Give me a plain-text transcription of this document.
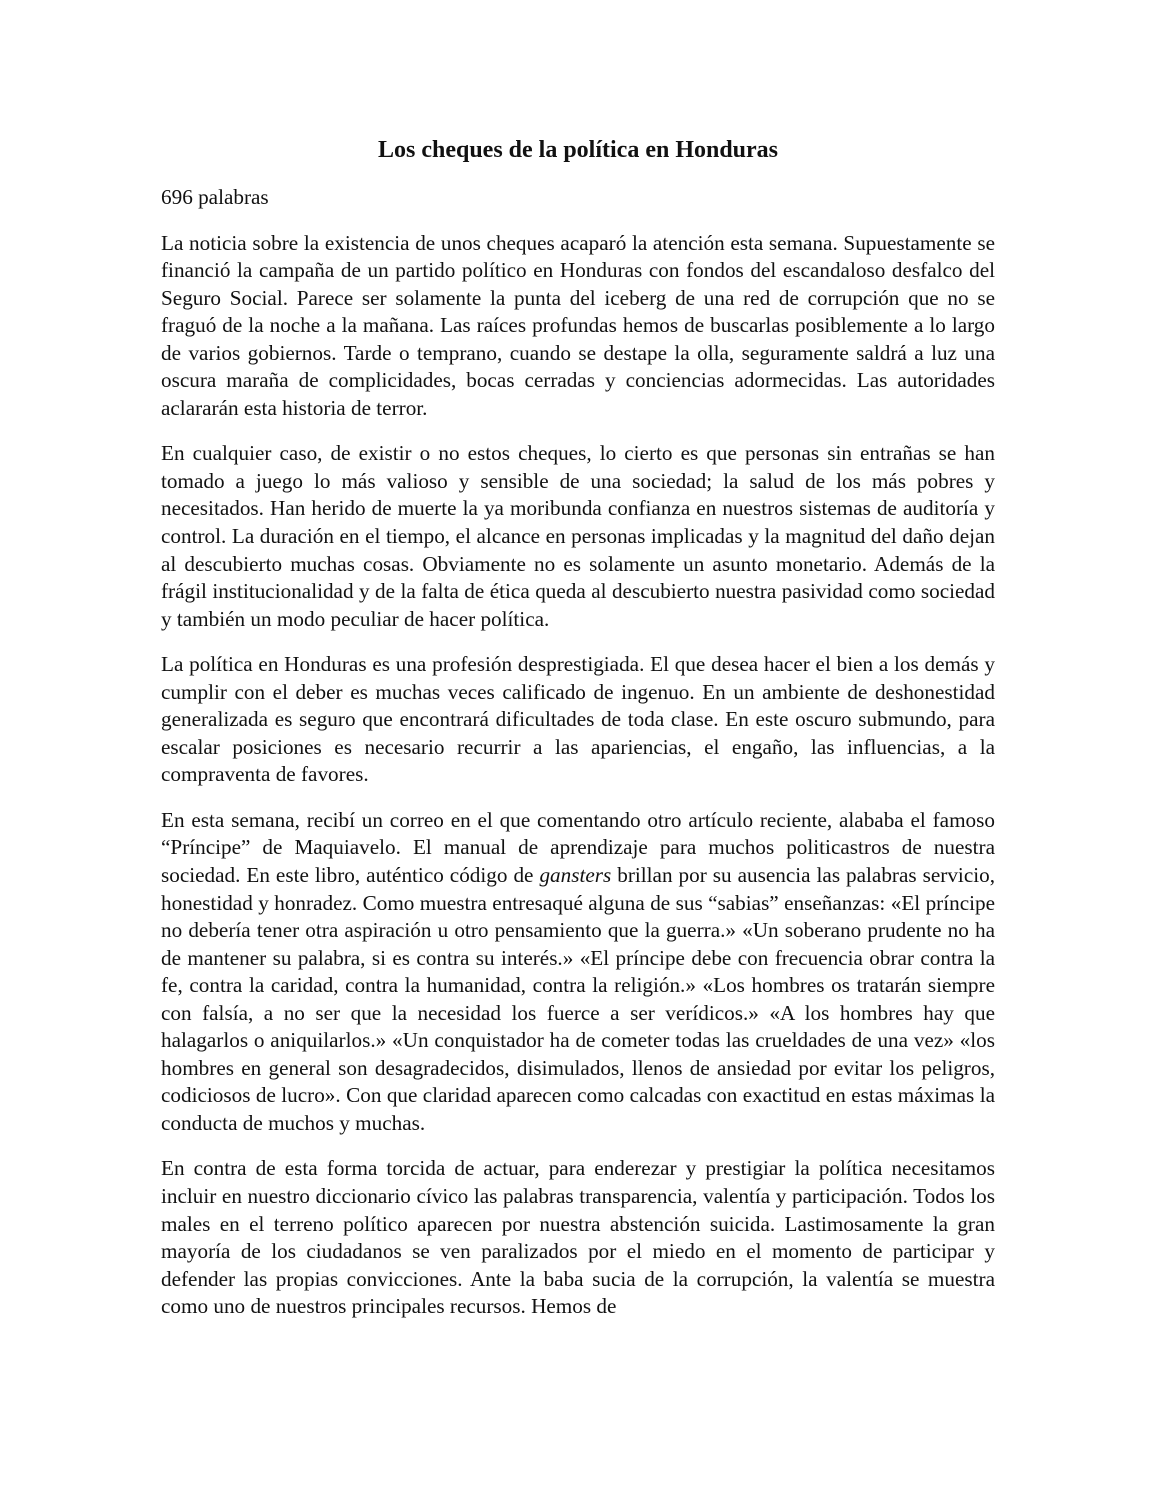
Los cheques de la política en Honduras

696 palabras

La noticia sobre la existencia de unos cheques acaparó la atención esta semana. Supuestamente se financió la campaña de un partido político en Honduras con fondos del escandaloso desfalco del Seguro Social. Parece ser solamente la punta del iceberg de una red de corrupción que no se fraguó de la noche a la mañana. Las raíces profundas hemos de buscarlas posiblemente a lo largo de varios gobiernos. Tarde o temprano, cuando se destape la olla, seguramente saldrá a luz una oscura maraña de complicidades, bocas cerradas y conciencias adormecidas. Las autoridades aclararán esta historia de terror.

En cualquier caso, de existir o no estos cheques, lo cierto es que personas sin entrañas se han tomado a juego lo más valioso y sensible de una sociedad; la salud de los más pobres y necesitados. Han herido de muerte la ya moribunda confianza en nuestros sistemas de auditoría y control. La duración en el tiempo, el alcance en personas implicadas y la magnitud del daño dejan al descubierto muchas cosas. Obviamente no es solamente un asunto monetario. Además de la frágil institucionalidad y de la falta de ética queda al descubierto nuestra pasividad como sociedad y también un modo peculiar de hacer política.

La política en Honduras es una profesión desprestigiada. El que desea hacer el bien a los demás y cumplir con el deber es muchas veces calificado de ingenuo. En un ambiente de deshonestidad generalizada es seguro que encontrará dificultades de toda clase. En este oscuro submundo, para escalar posiciones es necesario recurrir a las apariencias, el engaño, las influencias, a la compraventa de favores.

En esta semana, recibí un correo en el que comentando otro artículo reciente, alababa el famoso “Príncipe” de Maquiavelo. El manual de aprendizaje para muchos politicastros de nuestra sociedad. En este libro, auténtico código de gansters brillan por su ausencia las palabras servicio, honestidad y honradez. Como muestra entresaqué alguna de sus “sabias” enseñanzas: «El príncipe no debería tener otra aspiración u otro pensamiento que la guerra.» «Un soberano prudente no ha de mantener su palabra, si es contra su interés.» «El príncipe debe con frecuencia obrar contra la fe, contra la caridad, contra la humanidad, contra la religión.» «Los hombres os tratarán siempre con falsía, a no ser que la necesidad los fuerce a ser verídicos.» «A los hombres hay que halagarlos o aniquilarlos.» «Un conquistador ha de cometer todas las crueldades de una vez» «los hombres en general son desagradecidos, disimulados, llenos de ansiedad por evitar los peligros, codiciosos de lucro». Con que claridad aparecen como calcadas con exactitud en estas máximas la conducta de muchos y muchas.

En contra de esta forma torcida de actuar, para enderezar y prestigiar la política necesitamos incluir en nuestro diccionario cívico las palabras transparencia, valentía y participación. Todos los males en el terreno político aparecen por nuestra abstención suicida. Lastimosamente la gran mayoría de los ciudadanos se ven paralizados por el miedo en el momento de participar y defender las propias convicciones. Ante la baba sucia de la corrupción, la valentía se muestra como uno de nuestros principales recursos. Hemos de
